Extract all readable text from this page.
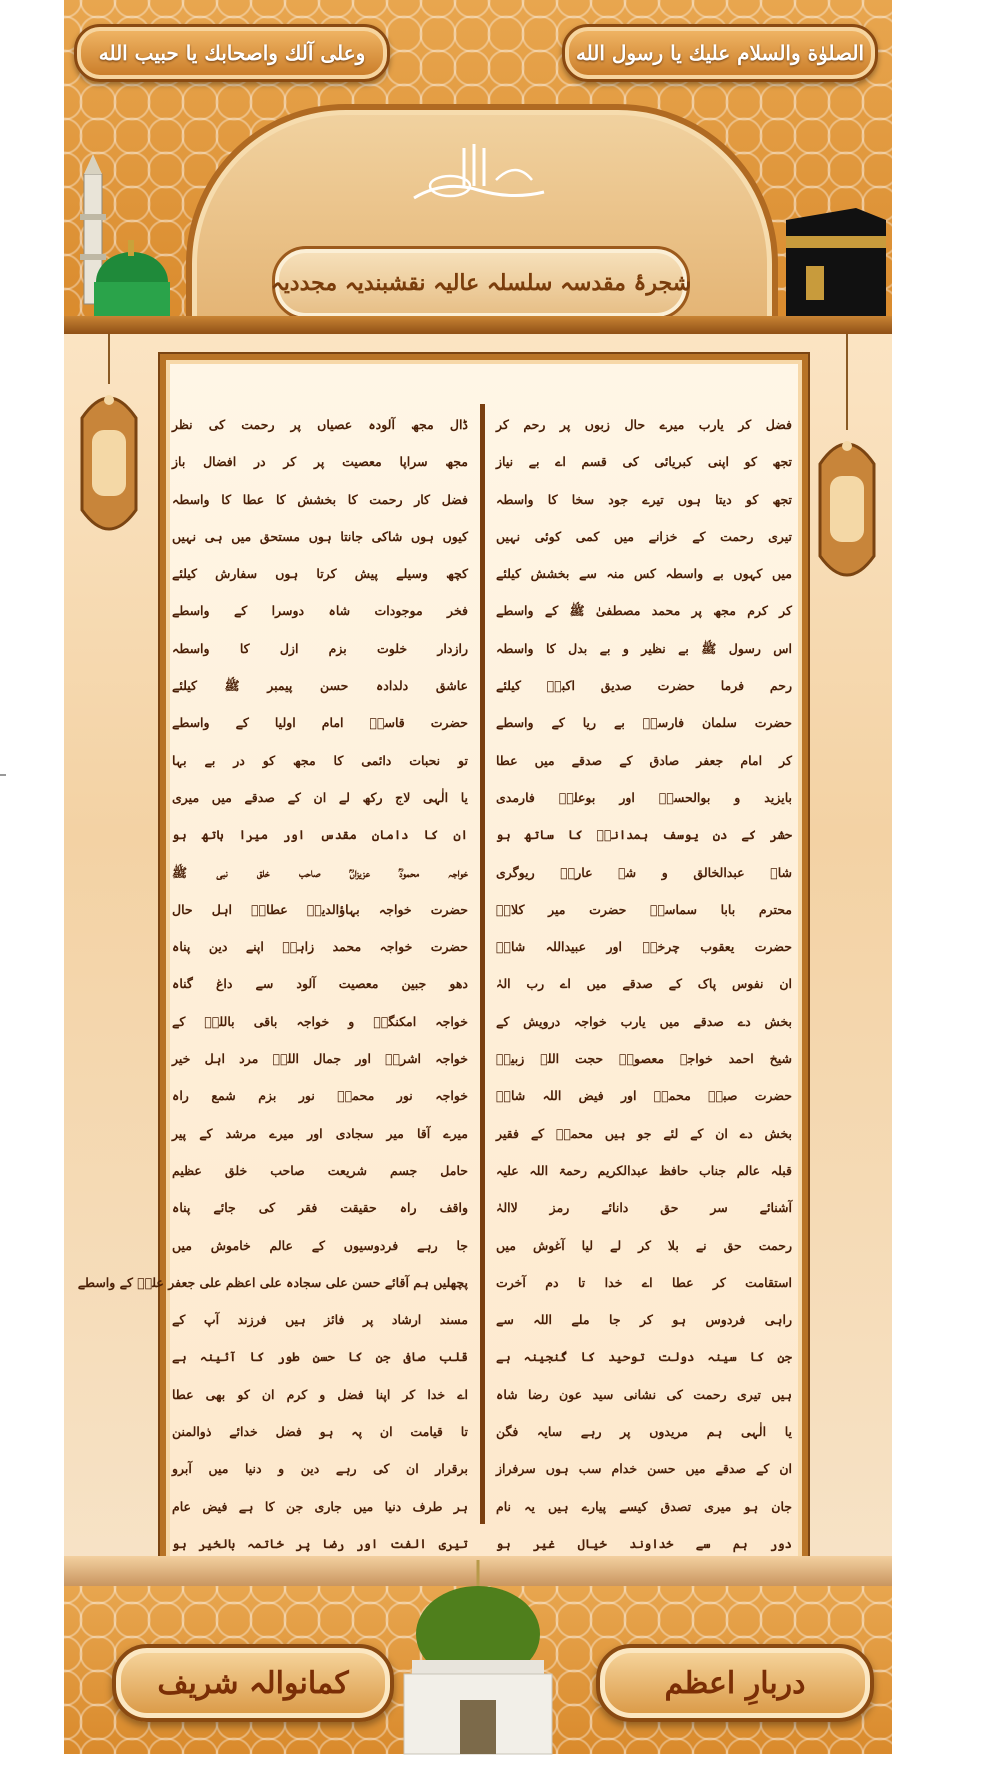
وعلى آلك واصحابك يا حبيب الله	الصلوٰة والسلام عليك يا رسول الله
شجرۂ مقدسہ سلسلہ عالیہ نقشبندیہ مجددیہ
فضل کر یارب میرے حال زبوں پر رحم کر
تجھ کو اپنی کبریائی کی قسم اے بے نیاز
تجھ کو دیتا ہوں تیرے جود سخا کا واسطہ
تیری رحمت کے خزانے میں کمی کوئی نہیں
میں کہوں بے واسطہ کس منہ سے بخشش کیلئے
کر کرم مجھ پر محمد مصطفیٰ ﷺ کے واسطے
اس رسول ﷺ بے نظیر و بے بدل کا واسطہ
رحم فرما حضرت صدیق اکبرؓ کیلئے
حضرت سلمان فارسیؓ بے ریا کے واسطے
کر امام جعفر صادق کے صدقے میں عطا
بایزید و بوالحسنؒ اور بوعلیؒ فارمدی
حشر کے دن یوسف ہمدانیؒ کا ساتھ ہو
شاہ عبدالخالق و شہ عارفؒ ریوگری
محترم بابا سماسیؒ حضرت میر کلالؒ
حضرت یعقوب چرخیؒ اور عبیداللہ شاہؒ
ان نفوس پاک کے صدقے میں اے رب الہٰ
بخش دے صدقے میں یارب خواجہ درویش کے
شیخ احمد خواجہ معصومؒ حجت اللہ زبیرؒ
حضرت صبیؒ محمدؒ اور فیض اللہ شاہؒ
بخش دے ان کے لئے جو ہیں محمدؒ کے فقیر
قبلہ عالم جناب حافظ عبدالکریم رحمۃ اللہ علیہ
آشنائے سر حق دانائے رمز لاالہٰ
رحمت حق نے بلا کر لے لیا آغوش میں
استقامت کر عطا اے خدا تا دم آخرت
راہی فردوس ہو کر جا ملے اللہ سے
جن کا سینہ دولت توحید کا گنجینہ ہے
ہیں تیری رحمت کی نشانی سید عون رضا شاہ
یا الٰہی ہم مریدوں پر رہے سایہ فگن
ان کے صدقے میں حسن خدام سب ہوں سرفراز
جان ہو میری تصدق کیسے پیارے ہیں یہ نام
دور ہم سے خداوند خیال غیر ہو
ڈال مجھ آلودہ عصیاں پر رحمت کی نظر
مجھ سراپا معصیت پر کر در افضال باز
فضل کار رحمت کا بخشش کا عطا کا واسطہ
کیوں ہوں شاکی جانتا ہوں مستحق میں ہی نہیں
کچھ وسیلے پیش کرتا ہوں سفارش کیلئے
فخر موجودات شاہ دوسرا کے واسطے
رازدار خلوت بزم ازل کا واسطہ
عاشق دلدادہ حسن پیمبر ﷺ کیلئے
حضرت قاسمؓ امام اولیا کے واسطے
تو نحبات دائمی کا مجھ کو در بے بہا
یا الٰہی لاج رکھ لے ان کے صدقے میں میری
ان کا دامان مقدس اور میرا ہاتھ ہو
خواجہ محمودؒ عزیزاںؒ صاحب خلق نبی ﷺ
حضرت خواجہ بہاؤالدینؒ عطارؒ اہل حال
حضرت خواجہ محمد زاہدؒ اپنے دین پناہ
دھو جبین معصیت آلود سے داغ گناہ
خواجہ امکنگیؒ و خواجہ باقی باللہؒ کے
خواجہ اشرفؒ اور جمال اللہؒ مرد اہل خیر
خواجہ نور محمدؒ نور بزم شمع راہ
میرے آقا میر سجادی اور میرے مرشد کے پیر
حامل جسم شریعت صاحب خلق عظیم
واقف راہ حقیقت فقر کی جائے پناہ
جا رہے فردوسیوں کے عالم خاموش میں
پچھلیں ہم آقائے حسن علی سجادہ علی اعظم علی جعفر علیؒ کے واسطے
مسند ارشاد پر فائز ہیں فرزند آپ کے
قلب صافی جن کا حسن طور کا آئینہ ہے
اے خدا کر اپنا فضل و کرم ان کو بھی عطا
تا قیامت ان پہ ہو فضل خدائے ذوالمنن
برقرار ان کی رہے دین و دنیا میں آبرو
ہر طرف دنیا میں جاری جن کا ہے فیض عام
تیری الفت اور رضا پر خاتمہ بالخیر ہو
کمانوالہ شریف	دربارِ اعظم
